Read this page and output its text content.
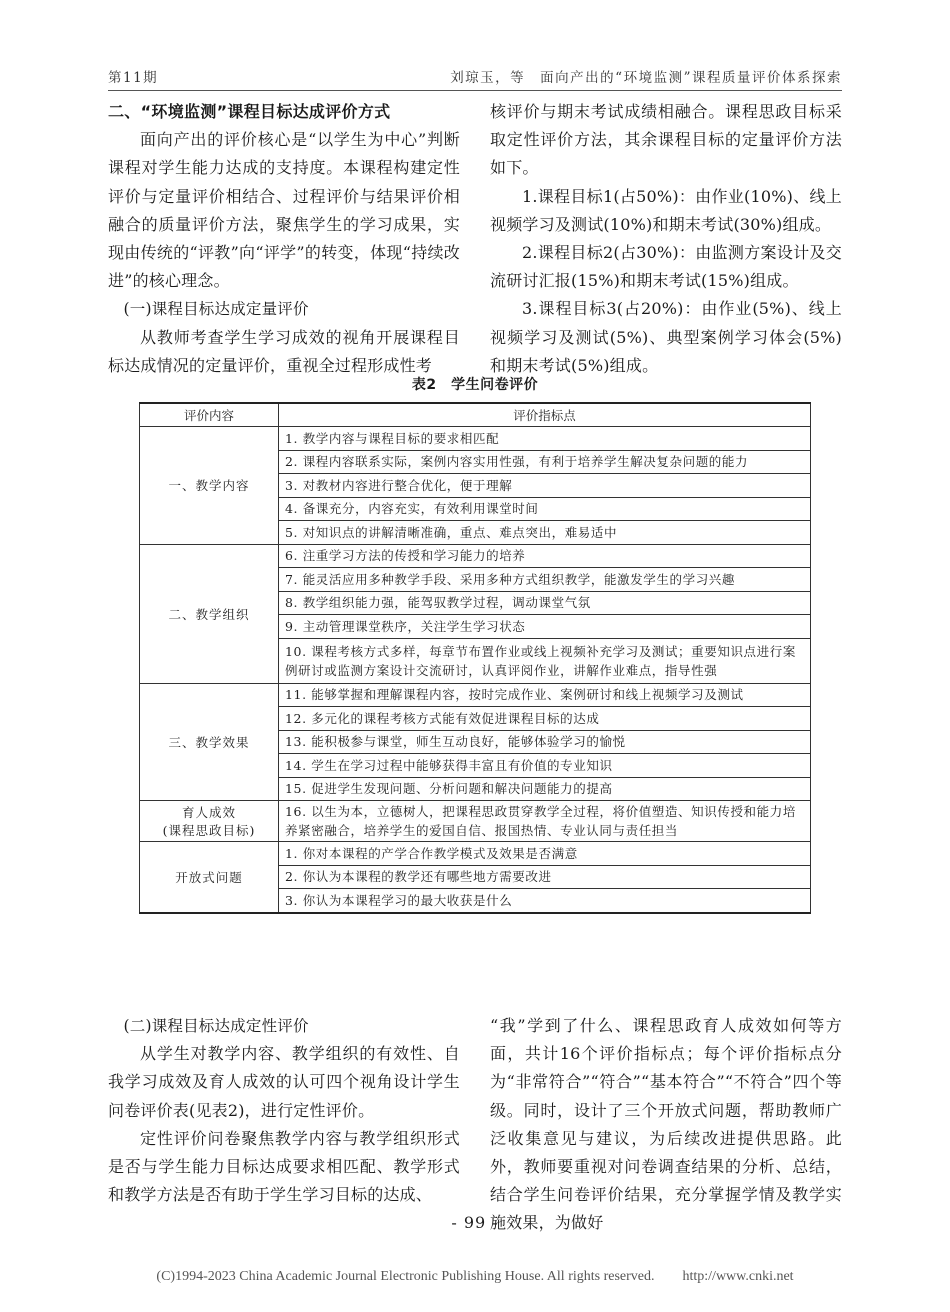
第11期	刘琼玉，等　面向产出的“环境监测”课程质量评价体系探索
二、“环境监测”课程目标达成评价方式

面向产出的评价核心是“以学生为中心”判断课程对学生能力达成的支持度。本课程构建定性评价与定量评价相结合、过程评价与结果评价相融合的质量评价方法，聚焦学生的学习成果，实现由传统的“评教”向“评学”的转变，体现“持续改进”的核心理念。

(一)课程目标达成定量评价

从教师考查学生学习成效的视角开展课程目标达成情况的定量评价，重视全过程形成性考

核评价与期末考试成绩相融合。课程思政目标采取定性评价方法，其余课程目标的定量评价方法如下。

1.课程目标1(占50%)：由作业(10%)、线上视频学习及测试(10%)和期末考试(30%)组成。

2.课程目标2(占30%)：由监测方案设计及交流研讨汇报(15%)和期末考试(15%)组成。

3.课程目标3(占20%)：由作业(5%)、线上视频学习及测试(5%)、典型案例学习体会(5%)和期末考试(5%)组成。

表2　学生问卷评价
评价内容	评价指标点
一、教学内容	1. 教学内容与课程目标的要求相匹配
	2. 课程内容联系实际，案例内容实用性强，有利于培养学生解决复杂问题的能力
	3. 对教材内容进行整合优化，便于理解
	4. 备课充分，内容充实，有效利用课堂时间
	5. 对知识点的讲解清晰准确，重点、难点突出，难易适中
二、教学组织	6. 注重学习方法的传授和学习能力的培养
	7. 能灵活应用多种教学手段、采用多种方式组织教学，能激发学生的学习兴趣
	8. 教学组织能力强，能驾驭教学过程，调动课堂气氛
	9. 主动管理课堂秩序，关注学生学习状态
	10. 课程考核方式多样，每章节布置作业或线上视频补充学习及测试；重要知识点进行案例研讨或监测方案设计交流研讨，认真评阅作业，讲解作业难点，指导性强
三、教学效果	11. 能够掌握和理解课程内容，按时完成作业、案例研讨和线上视频学习及测试
	12. 多元化的课程考核方式能有效促进课程目标的达成
	13. 能积极参与课堂，师生互动良好，能够体验学习的愉悦
	14. 学生在学习过程中能够获得丰富且有价值的专业知识
	15. 促进学生发现问题、分析问题和解决问题能力的提高

育人成效
(课程思政目标)	16. 以生为本，立德树人，把课程思政贯穿教学全过程，将价值塑造、知识传授和能力培养紧密融合，培养学生的爱国自信、报国热情、专业认同与责任担当
开放式问题	1. 你对本课程的产学合作教学模式及效果是否满意
	2. 你认为本课程的教学还有哪些地方需要改进
	3. 你认为本课程学习的最大收获是什么
(二)课程目标达成定性评价

从学生对教学内容、教学组织的有效性、自我学习成效及育人成效的认可四个视角设计学生问卷评价表(见表2)，进行定性评价。

定性评价问卷聚焦教学内容与教学组织形式是否与学生能力目标达成要求相匹配、教学形式和教学方法是否有助于学生学习目标的达成、

“我”学到了什么、课程思政育人成效如何等方面，共计16个评价指标点；每个评价指标点分为“非常符合”“符合”“基本符合”“不符合”四个等级。同时，设计了三个开放式问题，帮助教师广泛收集意见与建议，为后续改进提供思路。此外，教师要重视对问卷调查结果的分析、总结，结合学生问卷评价结果，充分掌握学情及教学实施效果，为做好

- 99 -
(C)1994-2023 China Academic Journal Electronic Publishing House. All rights reserved.　　http://www.cnki.net
